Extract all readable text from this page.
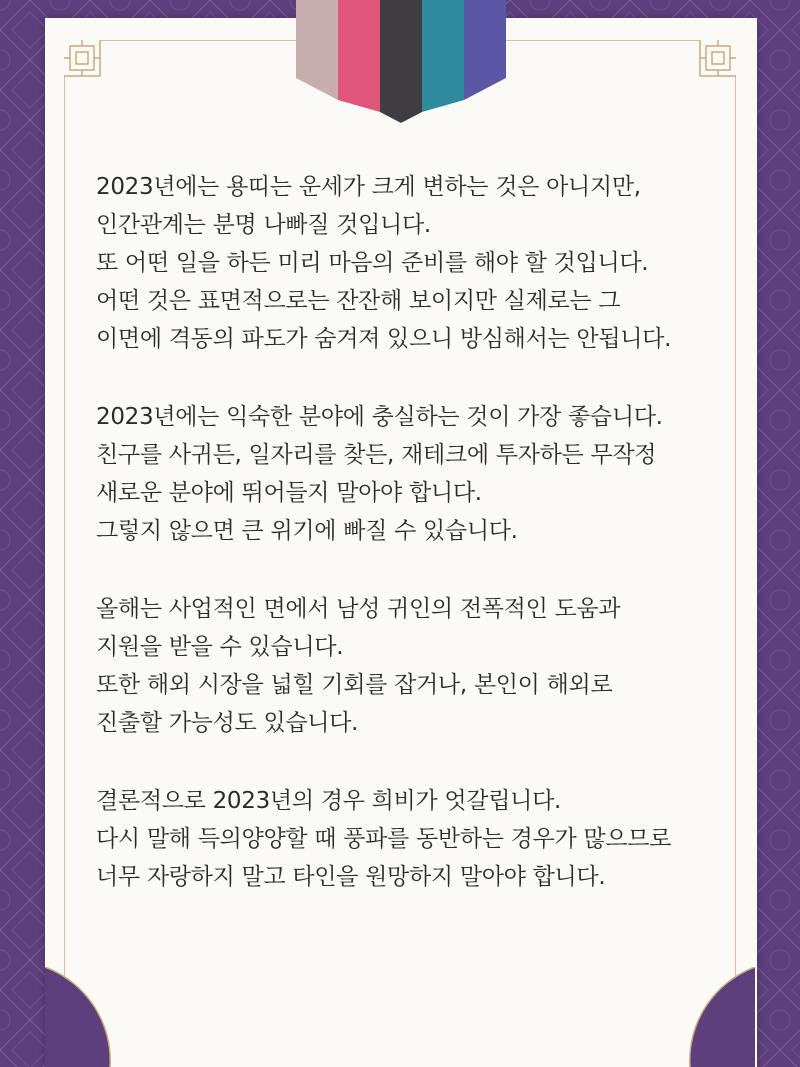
2023년에는 용띠는 운세가 크게 변하는 것은 아니지만,
인간관계는 분명 나빠질 것입니다.
또 어떤 일을 하든 미리 마음의 준비를 해야 할 것입니다.
어떤 것은 표면적으로는 잔잔해 보이지만 실제로는 그
이면에 격동의 파도가 숨겨져 있으니 방심해서는 안됩니다.
2023년에는 익숙한 분야에 충실하는 것이 가장 좋습니다.
친구를 사귀든, 일자리를 찾든, 재테크에 투자하든 무작정
새로운 분야에 뛰어들지 말아야 합니다.
그렇지 않으면 큰 위기에 빠질 수 있습니다.
올해는 사업적인 면에서 남성 귀인의 전폭적인 도움과
지원을 받을 수 있습니다.
또한 해외 시장을 넓힐 기회를 잡거나, 본인이 해외로
진출할 가능성도 있습니다.
결론적으로 2023년의 경우 희비가 엇갈립니다.
다시 말해 득의양양할 때 풍파를 동반하는 경우가 많으므로
너무 자랑하지 말고 타인을 원망하지 말아야 합니다.
